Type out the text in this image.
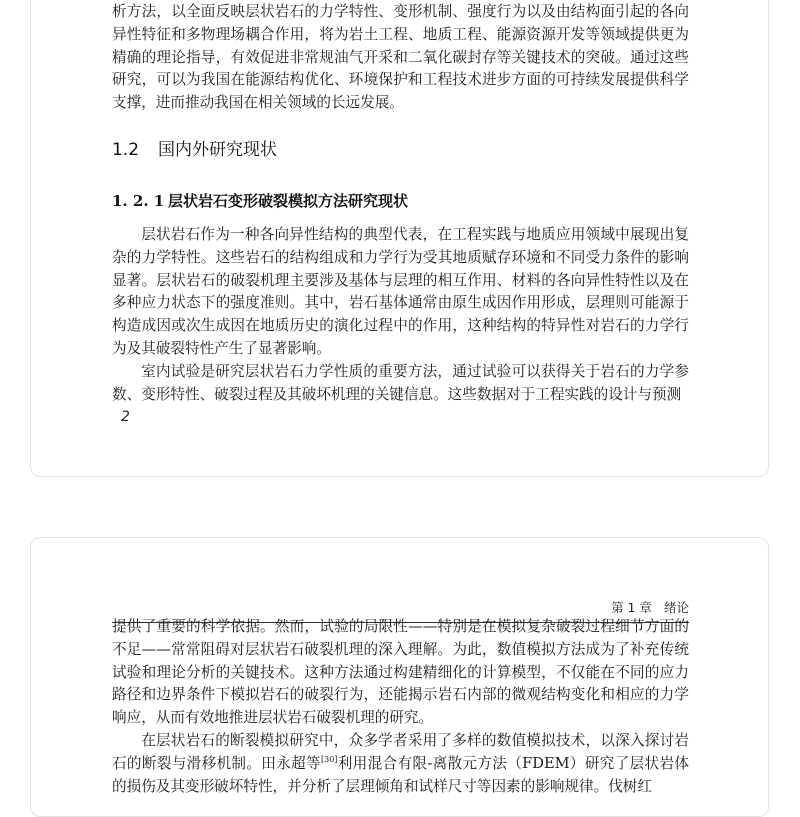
析方法，以全面反映层状岩石的力学特性、变形机制、强度行为以及由结构面引起的各向异性特征和多物理场耦合作用，将为岩土工程、地质工程、能源资源开发等领域提供更为精确的理论指导，有效促进非常规油气开采和二氧化碳封存等关键技术的突破。通过这些研究，可以为我国在能源结构优化、环境保护和工程技术进步方面的可持续发展提供科学支撑，进而推动我国在相关领域的长远发展。

1.2 国内外研究现状
1. 2. 1 层状岩石变形破裂模拟方法研究现状

层状岩石作为一种各向异性结构的典型代表，在工程实践与地质应用领域中展现出复杂的力学特性。这些岩石的结构组成和力学行为受其地质赋存环境和不同受力条件的影响显著。层状岩石的破裂机理主要涉及基体与层理的相互作用、材料的各向异性特性以及在多种应力状态下的强度准则。其中，岩石基体通常由原生成因作用形成，层理则可能源于构造成因或次生成因在地质历史的演化过程中的作用，这种结构的特异性对岩石的力学行为及其破裂特性产生了显著影响。

室内试验是研究层状岩石力学性质的重要方法，通过试验可以获得关于岩石的力学参数、变形特性、破裂过程及其破坏机理的关键信息。这些数据对于工程实践的设计与预测

2
第 1 章 绪论

提供了重要的科学依据。然而，试验的局限性——特别是在模拟复杂破裂过程细节方面的不足——常常阻碍对层状岩石破裂机理的深入理解。为此，数值模拟方法成为了补充传统试验和理论分析的关键技术。这种方法通过构建精细化的计算模型，不仅能在不同的应力路径和边界条件下模拟岩石的破裂行为，还能揭示岩石内部的微观结构变化和相应的力学响应，从而有效地推进层状岩石破裂机理的研究。

在层状岩石的断裂模拟研究中，众多学者采用了多样的数值模拟技术，以深入探讨岩石的断裂与滑移机制。田永超等[30]利用混合有限-离散元方法（FDEM）研究了层状岩体的损伤及其变形破坏特性，并分析了层理倾角和试样尺寸等因素的影响规律。伐树红
